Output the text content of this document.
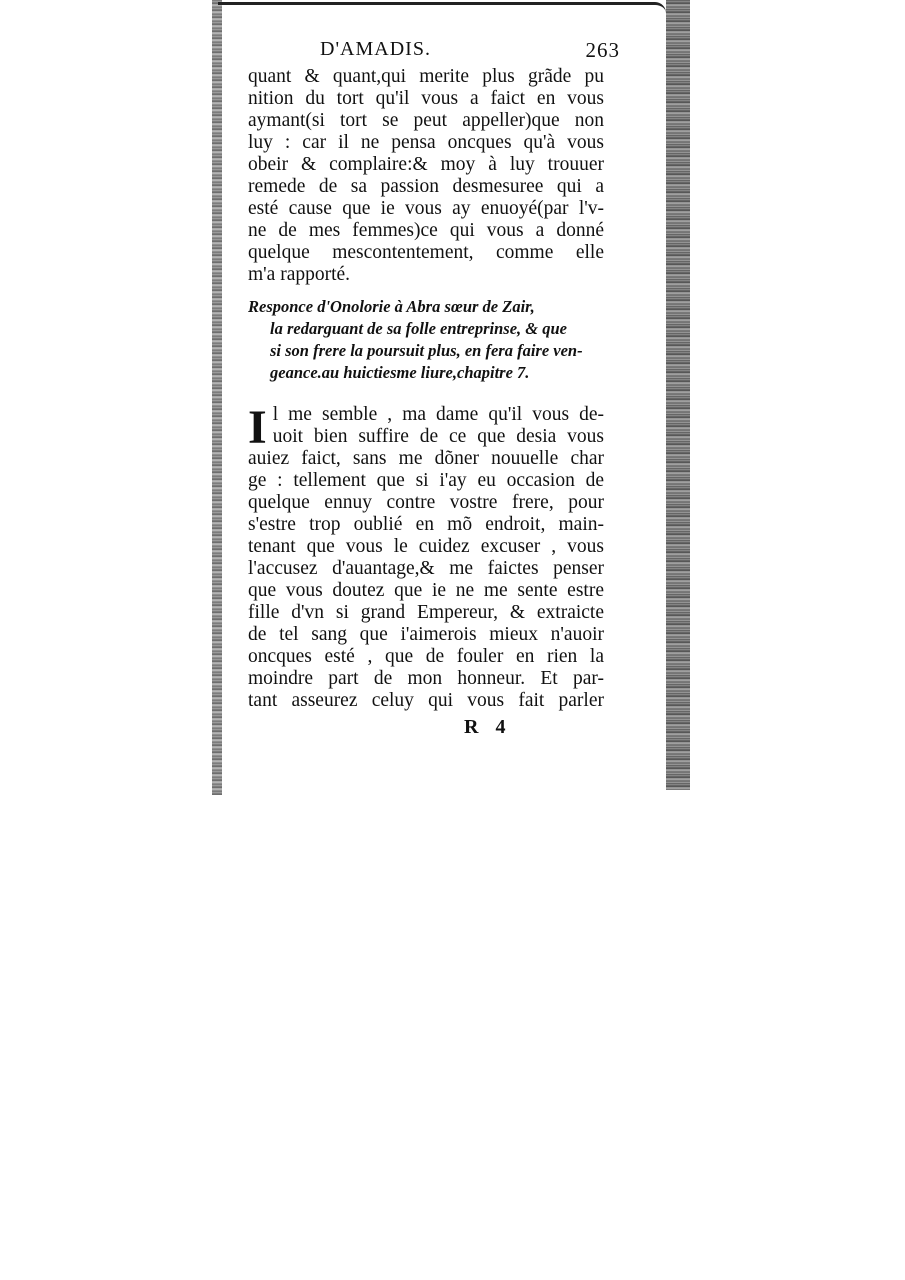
D'AMADIS.	263
quant & quant,qui merite plus grãde pu
nition du tort qu'il vous a faict en vous
aymant(si tort se peut appeller)que non
luy : car il ne pensa oncques qu'à vous
obeir & complaire:& moy à luy trouuer
remede de sa passion desmesuree qui a
esté cause que ie vous ay enuoyé(par l'v-
ne de mes femmes)ce qui vous a donné
quelque mescontentement, comme elle
m'a rapporté.
Responce d'Onolorie à Abra sœur de Zair,
la redarguant de sa folle entreprinse, & que
si son frere la poursuit plus, en fera faire ven-
geance.au huictiesme liure,chapitre 7.
I l me semble , ma dame qu'il vous de-
uoit bien suffire de ce que desia vous
auiez faict, sans me dõner nouuelle char
ge : tellement que si i'ay eu occasion de
quelque ennuy contre vostre frere, pour
s'estre trop oublié en mõ endroit, main-
tenant que vous le cuidez excuser , vous
l'accusez d'auantage,& me faictes penser
que vous doutez que ie ne me sente estre
fille d'vn si grand Empereur, & extraicte
de tel sang que i'aimerois mieux n'auoir
oncques esté , que de fouler en rien la
moindre part de mon honneur. Et par-
tant asseurez celuy qui vous fait parler
R 4
